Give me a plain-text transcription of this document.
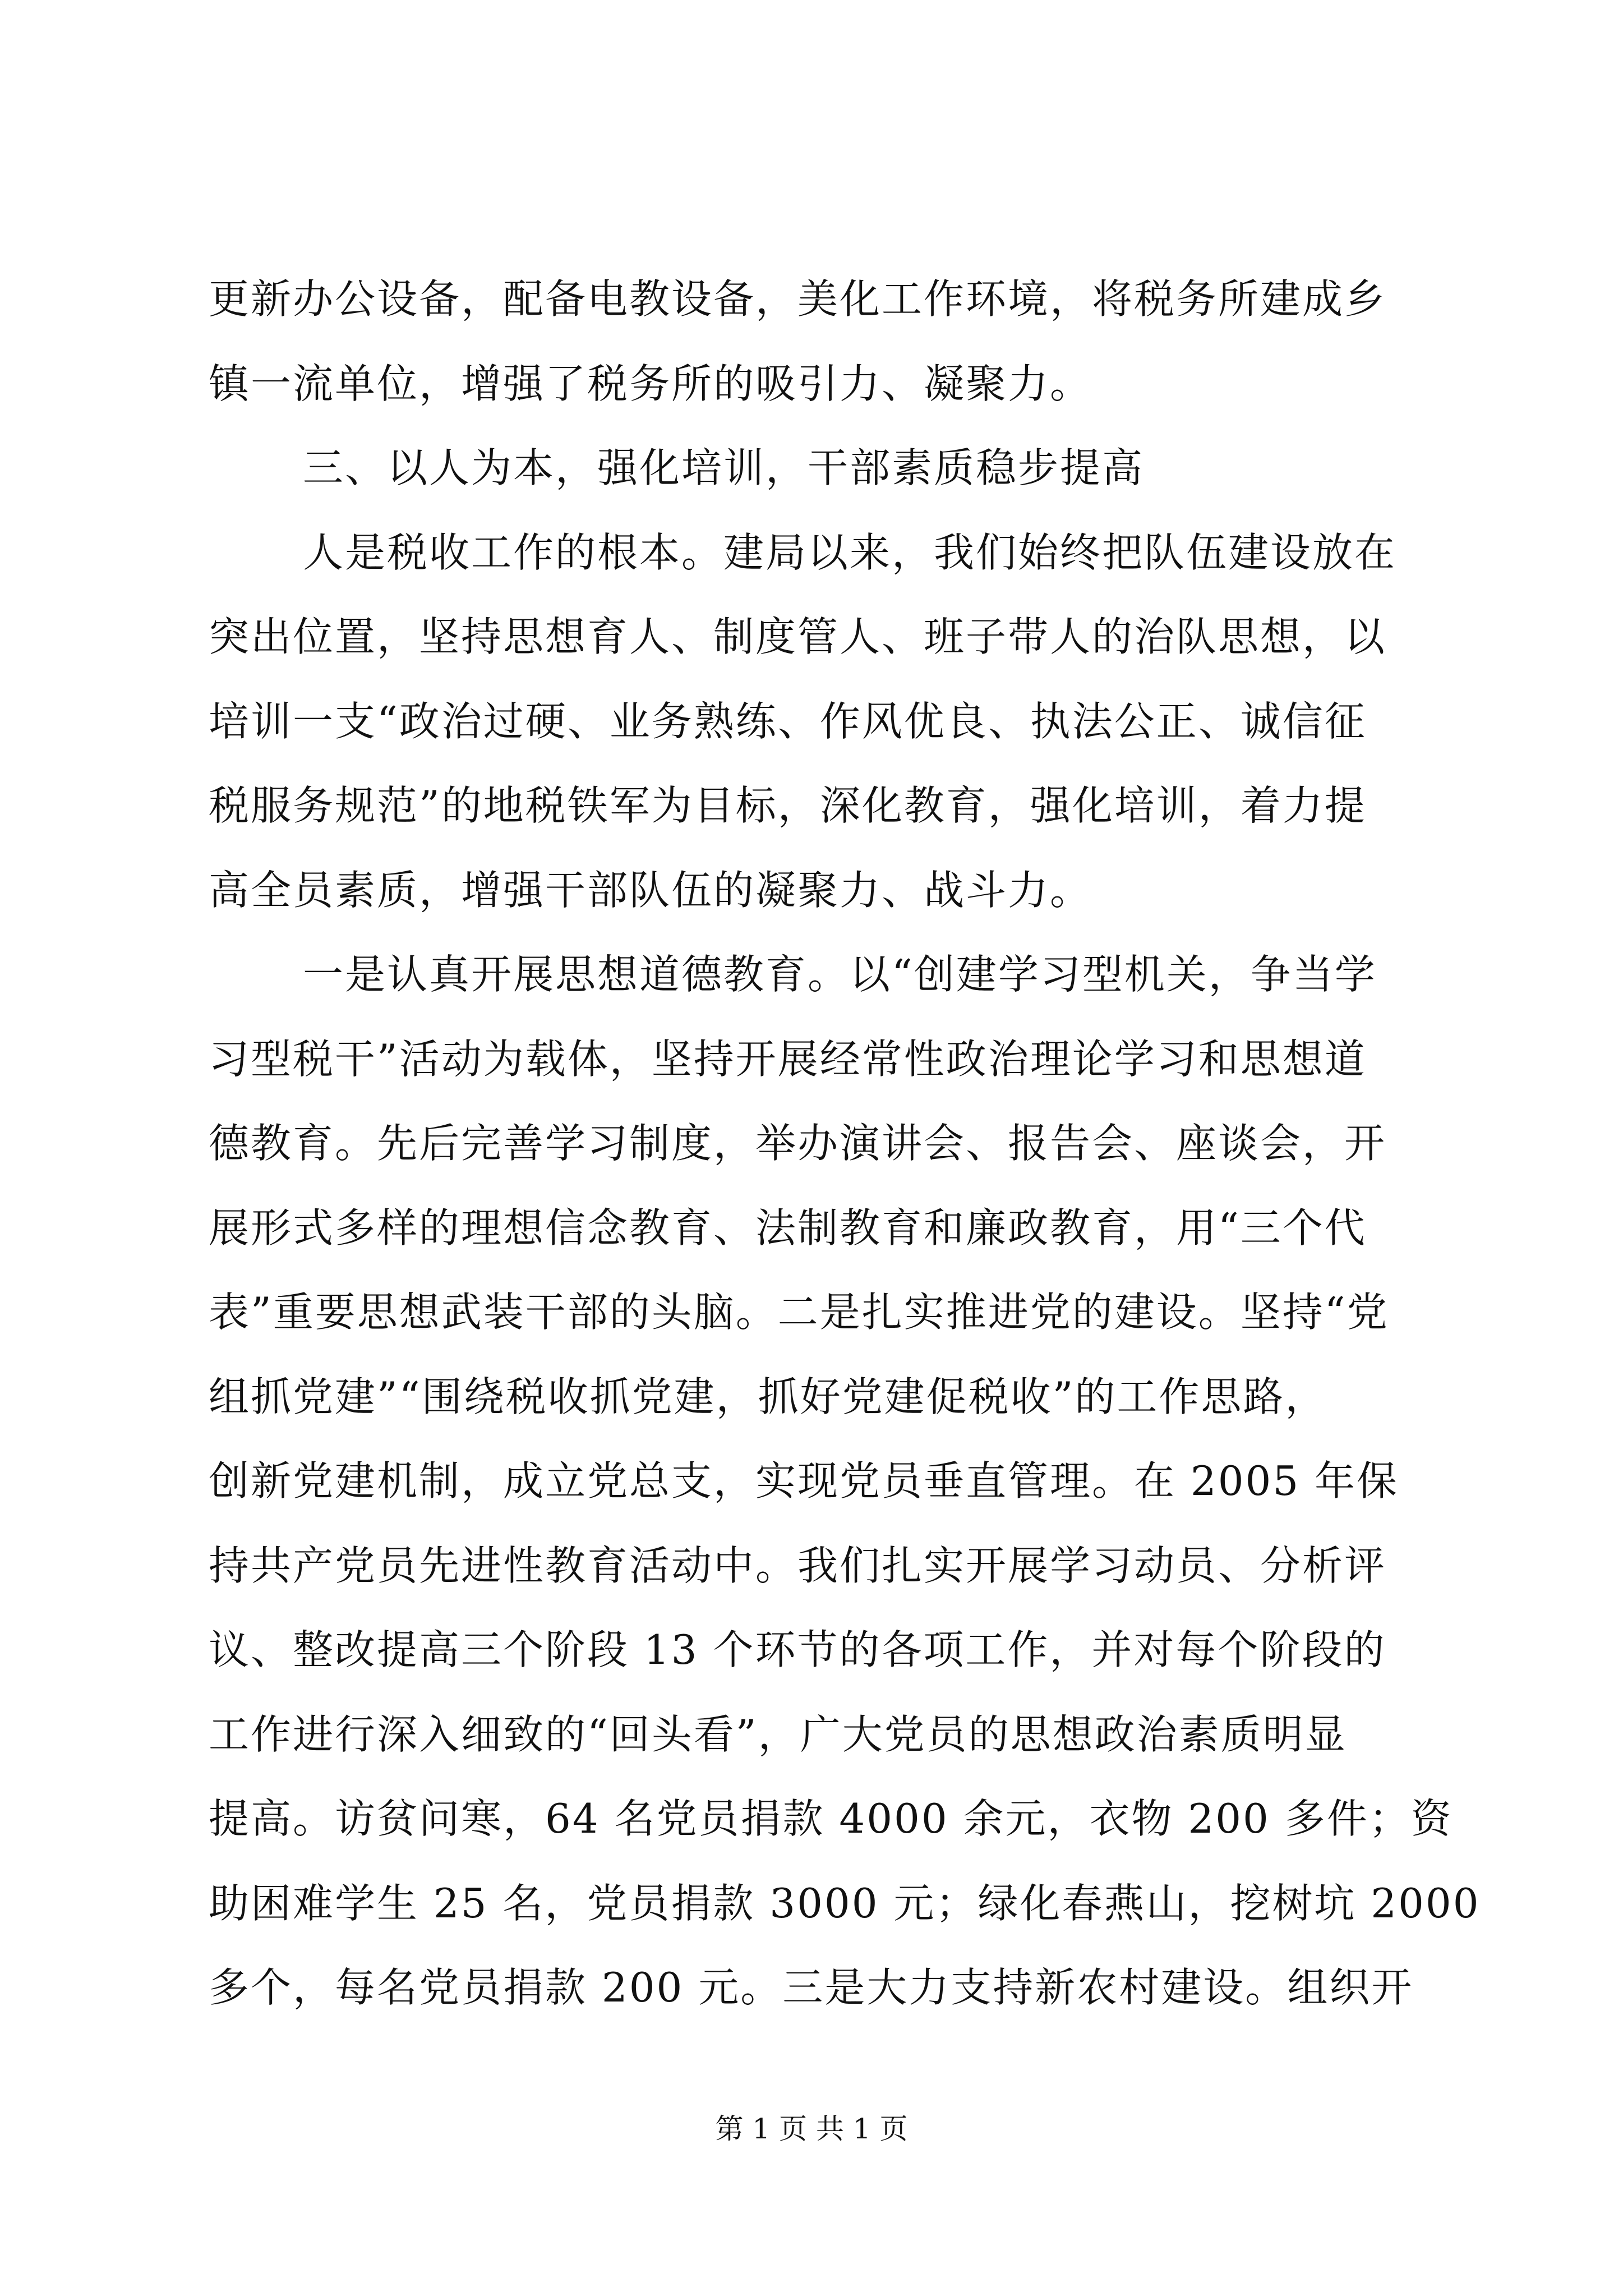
更新办公设备，配备电教设备，美化工作环境，将税务所建成乡
镇一流单位，增强了税务所的吸引力、凝聚力。
三、以人为本，强化培训，干部素质稳步提高
人是税收工作的根本。建局以来，我们始终把队伍建设放在
突出位置，坚持思想育人、制度管人、班子带人的治队思想，以
培训一支“政治过硬、业务熟练、作风优良、执法公正、诚信征
税服务规范”的地税铁军为目标，深化教育，强化培训，着力提
高全员素质，增强干部队伍的凝聚力、战斗力。
一是认真开展思想道德教育。以“创建学习型机关，争当学
习型税干”活动为载体，坚持开展经常性政治理论学习和思想道
德教育。先后完善学习制度，举办演讲会、报告会、座谈会，开
展形式多样的理想信念教育、法制教育和廉政教育，用“三个代
表”重要思想武装干部的头脑。二是扎实推进党的建设。坚持“党
组抓党建”“围绕税收抓党建，抓好党建促税收”的工作思路，
创新党建机制，成立党总支，实现党员垂直管理。在 2005 年保
持共产党员先进性教育活动中。我们扎实开展学习动员、分析评
议、整改提高三个阶段 13 个环节的各项工作，并对每个阶段的
工作进行深入细致的“回头看”，广大党员的思想政治素质明显
提高。访贫问寒，64 名党员捐款 4000 余元，衣物 200 多件；资
助困难学生 25 名，党员捐款 3000 元；绿化春燕山，挖树坑 2000
多个，每名党员捐款 200 元。三是大力支持新农村建设。组织开
第 1 页 共 1 页
